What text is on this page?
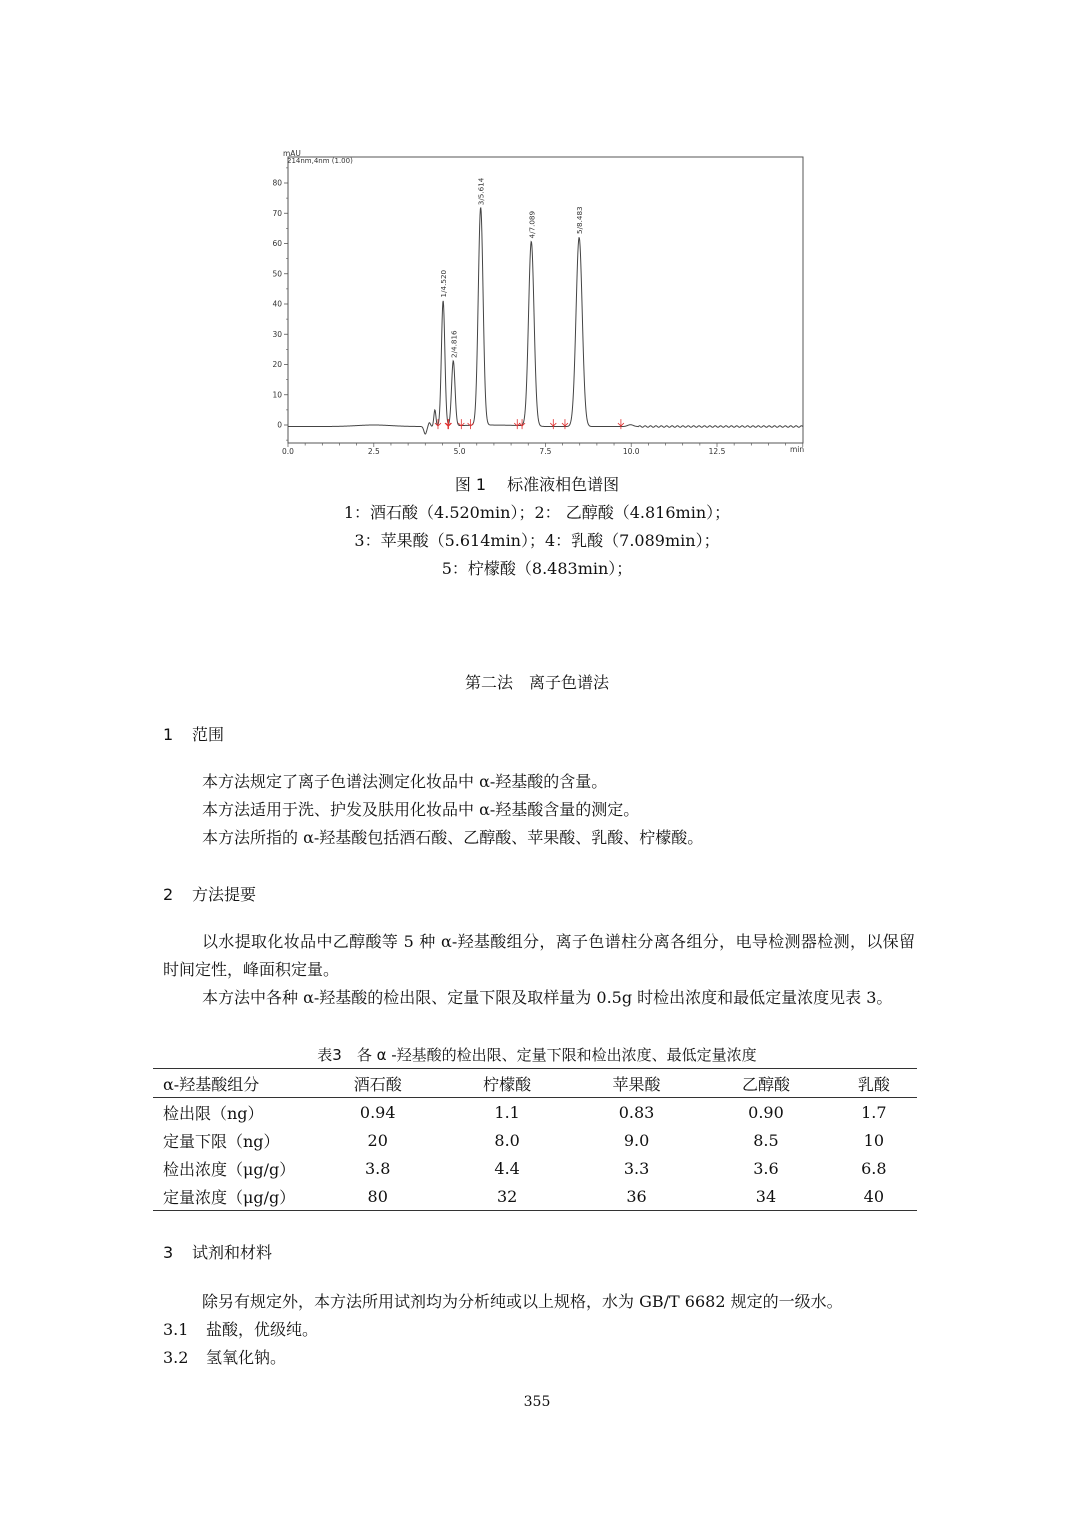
0
10
20
30
40
50
60
70
80
0.0	2.5	5.0	7.5	10.0	12.5
1/4.520
2/4.816
3/5.614
4/7.089	5/8.483
mAU
214nm,4nm (1.00)
min
图 1　 标准液相色谱图
1：酒石酸（4.520min）；2： 乙醇酸（4.816min）；
3：苹果酸（5.614min）；4：乳酸（7.089min）；
5：柠檬酸（8.483min）；
第二法　离子色谱法
1 范围
本方法规定了离子色谱法测定化妆品中 α-羟基酸的含量。
本方法适用于洗、护发及肤用化妆品中 α-羟基酸含量的测定。
本方法所指的 α-羟基酸包括酒石酸、乙醇酸、苹果酸、乳酸、柠檬酸。
2 方法提要
以水提取化妆品中乙醇酸等 5 种 α-羟基酸组分，离子色谱柱分离各组分，电导检测器检测，以保留时间定性，峰面积定量。
本方法中各种 α-羟基酸的检出限、定量下限及取样量为 0.5g 时检出浓度和最低定量浓度见表 3。
表3　各 α -羟基酸的检出限、定量下限和检出浓度、最低定量浓度
α-羟基酸组分	酒石酸	柠檬酸	苹果酸	乙醇酸	乳酸
检出限（ng）	0.94	1.1	0.83	0.90	1.7
定量下限（ng）	20	8.0	9.0	8.5	10
检出浓度（μg/g）	3.8	4.4	3.3	3.6	6.8
定量浓度（μg/g）	80	32	36	34	40
3 试剂和材料
除另有规定外，本方法所用试剂均为分析纯或以上规格，水为 GB/T 6682 规定的一级水。
3.1 盐酸，优级纯。
3.2 氢氧化钠。
355
